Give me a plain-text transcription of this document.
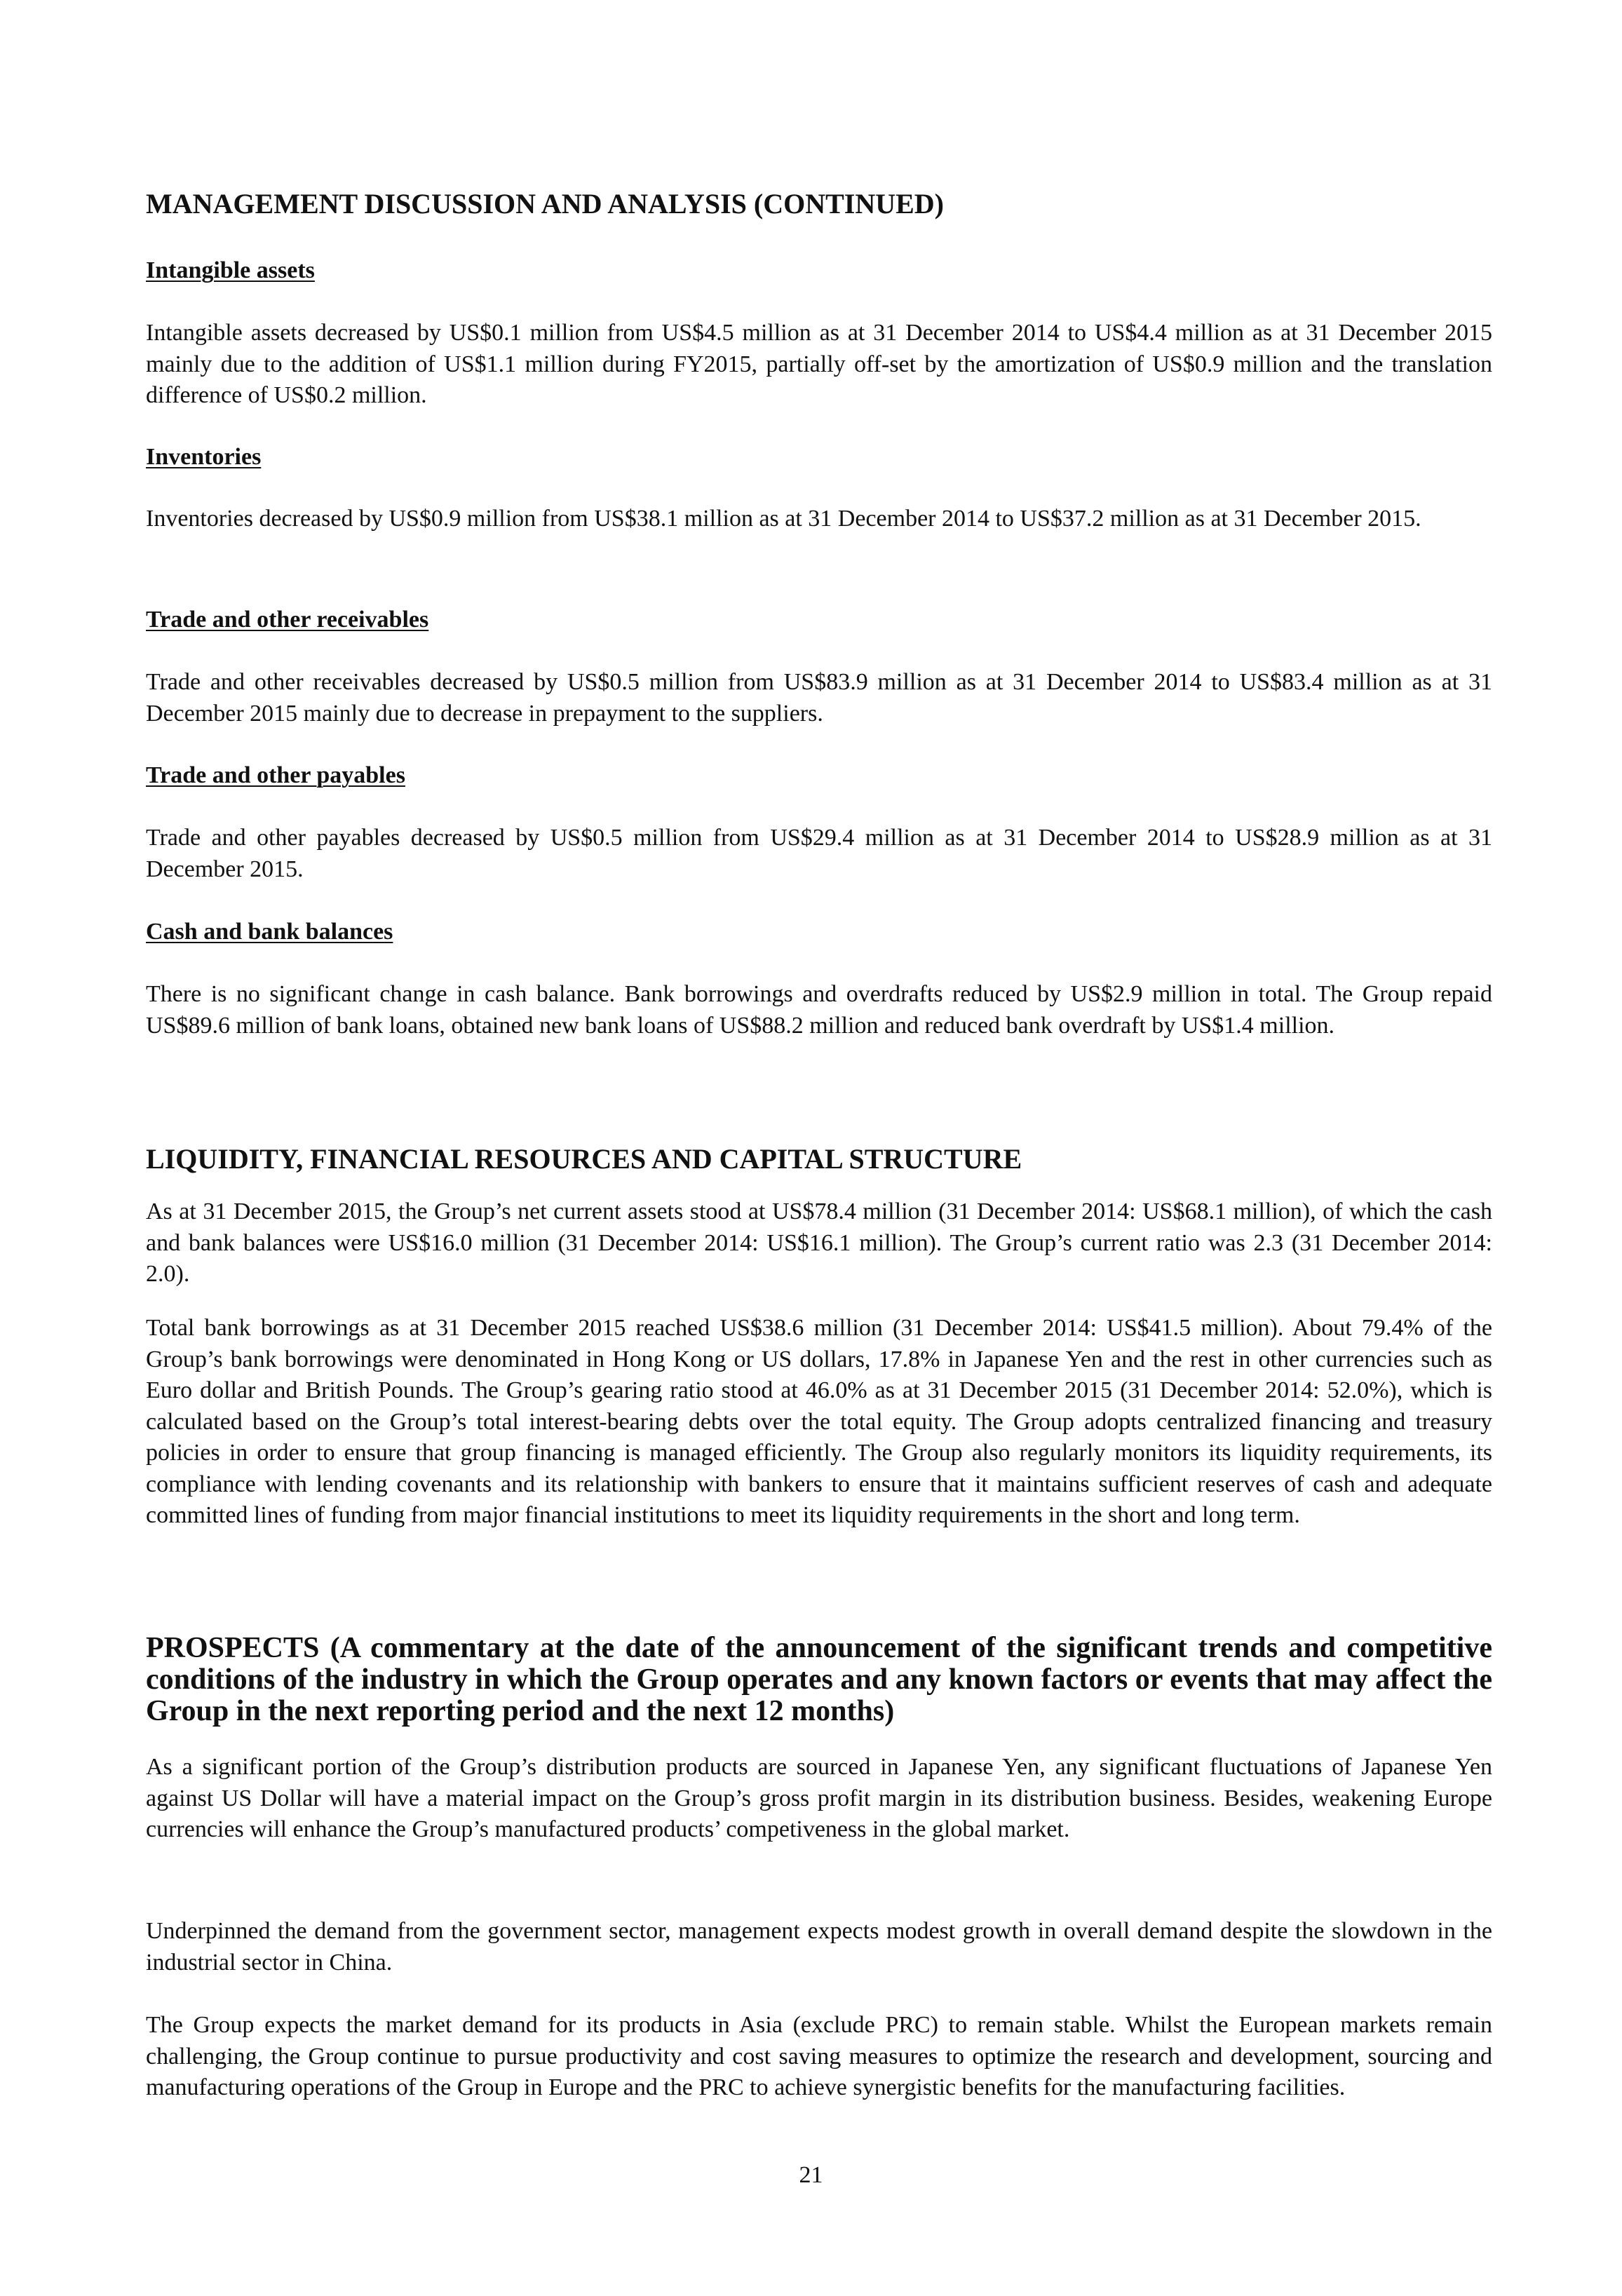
MANAGEMENT DISCUSSION AND ANALYSIS (CONTINUED)
Intangible assets

Intangible assets decreased by US$0.1 million from US$4.5 million as at 31 December 2014 to US$4.4 million as at 31 December 2015 mainly due to the addition of US$1.1 million during FY2015, partially off-set by the amortization of US$0.9 million and the translation difference of US$0.2 million.

Inventories

Inventories decreased by US$0.9 million from US$38.1 million as at 31 December 2014 to US$37.2 million as at 31 December 2015.

Trade and other receivables

Trade and other receivables decreased by US$0.5 million from US$83.9 million as at 31 December 2014 to US$83.4 million as at 31 December 2015 mainly due to decrease in prepayment to the suppliers.

Trade and other payables

Trade and other payables decreased by US$0.5 million from US$29.4 million as at 31 December 2014 to US$28.9 million as at 31 December 2015.

Cash and bank balances

There is no significant change in cash balance. Bank borrowings and overdrafts reduced by US$2.9 million in total. The Group repaid US$89.6 million of bank loans, obtained new bank loans of US$88.2 million and reduced bank overdraft by US$1.4 million.

LIQUIDITY, FINANCIAL RESOURCES AND CAPITAL STRUCTURE

As at 31 December 2015, the Group’s net current assets stood at US$78.4 million (31 December 2014: US$68.1 million), of which the cash and bank balances were US$16.0 million (31 December 2014: US$16.1 million). The Group’s current ratio was 2.3 (31 December 2014: 2.0).

Total bank borrowings as at 31 December 2015 reached US$38.6 million (31 December 2014: US$41.5 million). About 79.4% of the Group’s bank borrowings were denominated in Hong Kong or US dollars, 17.8% in Japanese Yen and the rest in other currencies such as Euro dollar and British Pounds. The Group’s gearing ratio stood at 46.0% as at 31 December 2015 (31 December 2014: 52.0%), which is calculated based on the Group’s total interest-bearing debts over the total equity. The Group adopts centralized financing and treasury policies in order to ensure that group financing is managed efficiently. The Group also regularly monitors its liquidity requirements, its compliance with lending covenants and its relationship with bankers to ensure that it maintains sufficient reserves of cash and adequate committed lines of funding from major financial institutions to meet its liquidity requirements in the short and long term.

PROSPECTS (A commentary at the date of the announcement of the significant trends and competitive conditions of the industry in which the Group operates and any known factors or events that may affect the Group in the next reporting period and the next 12 months)

As a significant portion of the Group’s distribution products are sourced in Japanese Yen, any significant fluctuations of Japanese Yen against US Dollar will have a material impact on the Group’s gross profit margin in its distribution business. Besides, weakening Europe currencies will enhance the Group’s manufactured products’ competiveness in the global market.

Underpinned the demand from the government sector, management expects modest growth in overall demand despite the slowdown in the industrial sector in China.

The Group expects the market demand for its products in Asia (exclude PRC) to remain stable. Whilst the European markets remain challenging, the Group continue to pursue productivity and cost saving measures to optimize the research and development, sourcing and manufacturing operations of the Group in Europe and the PRC to achieve synergistic benefits for the manufacturing facilities.

21
